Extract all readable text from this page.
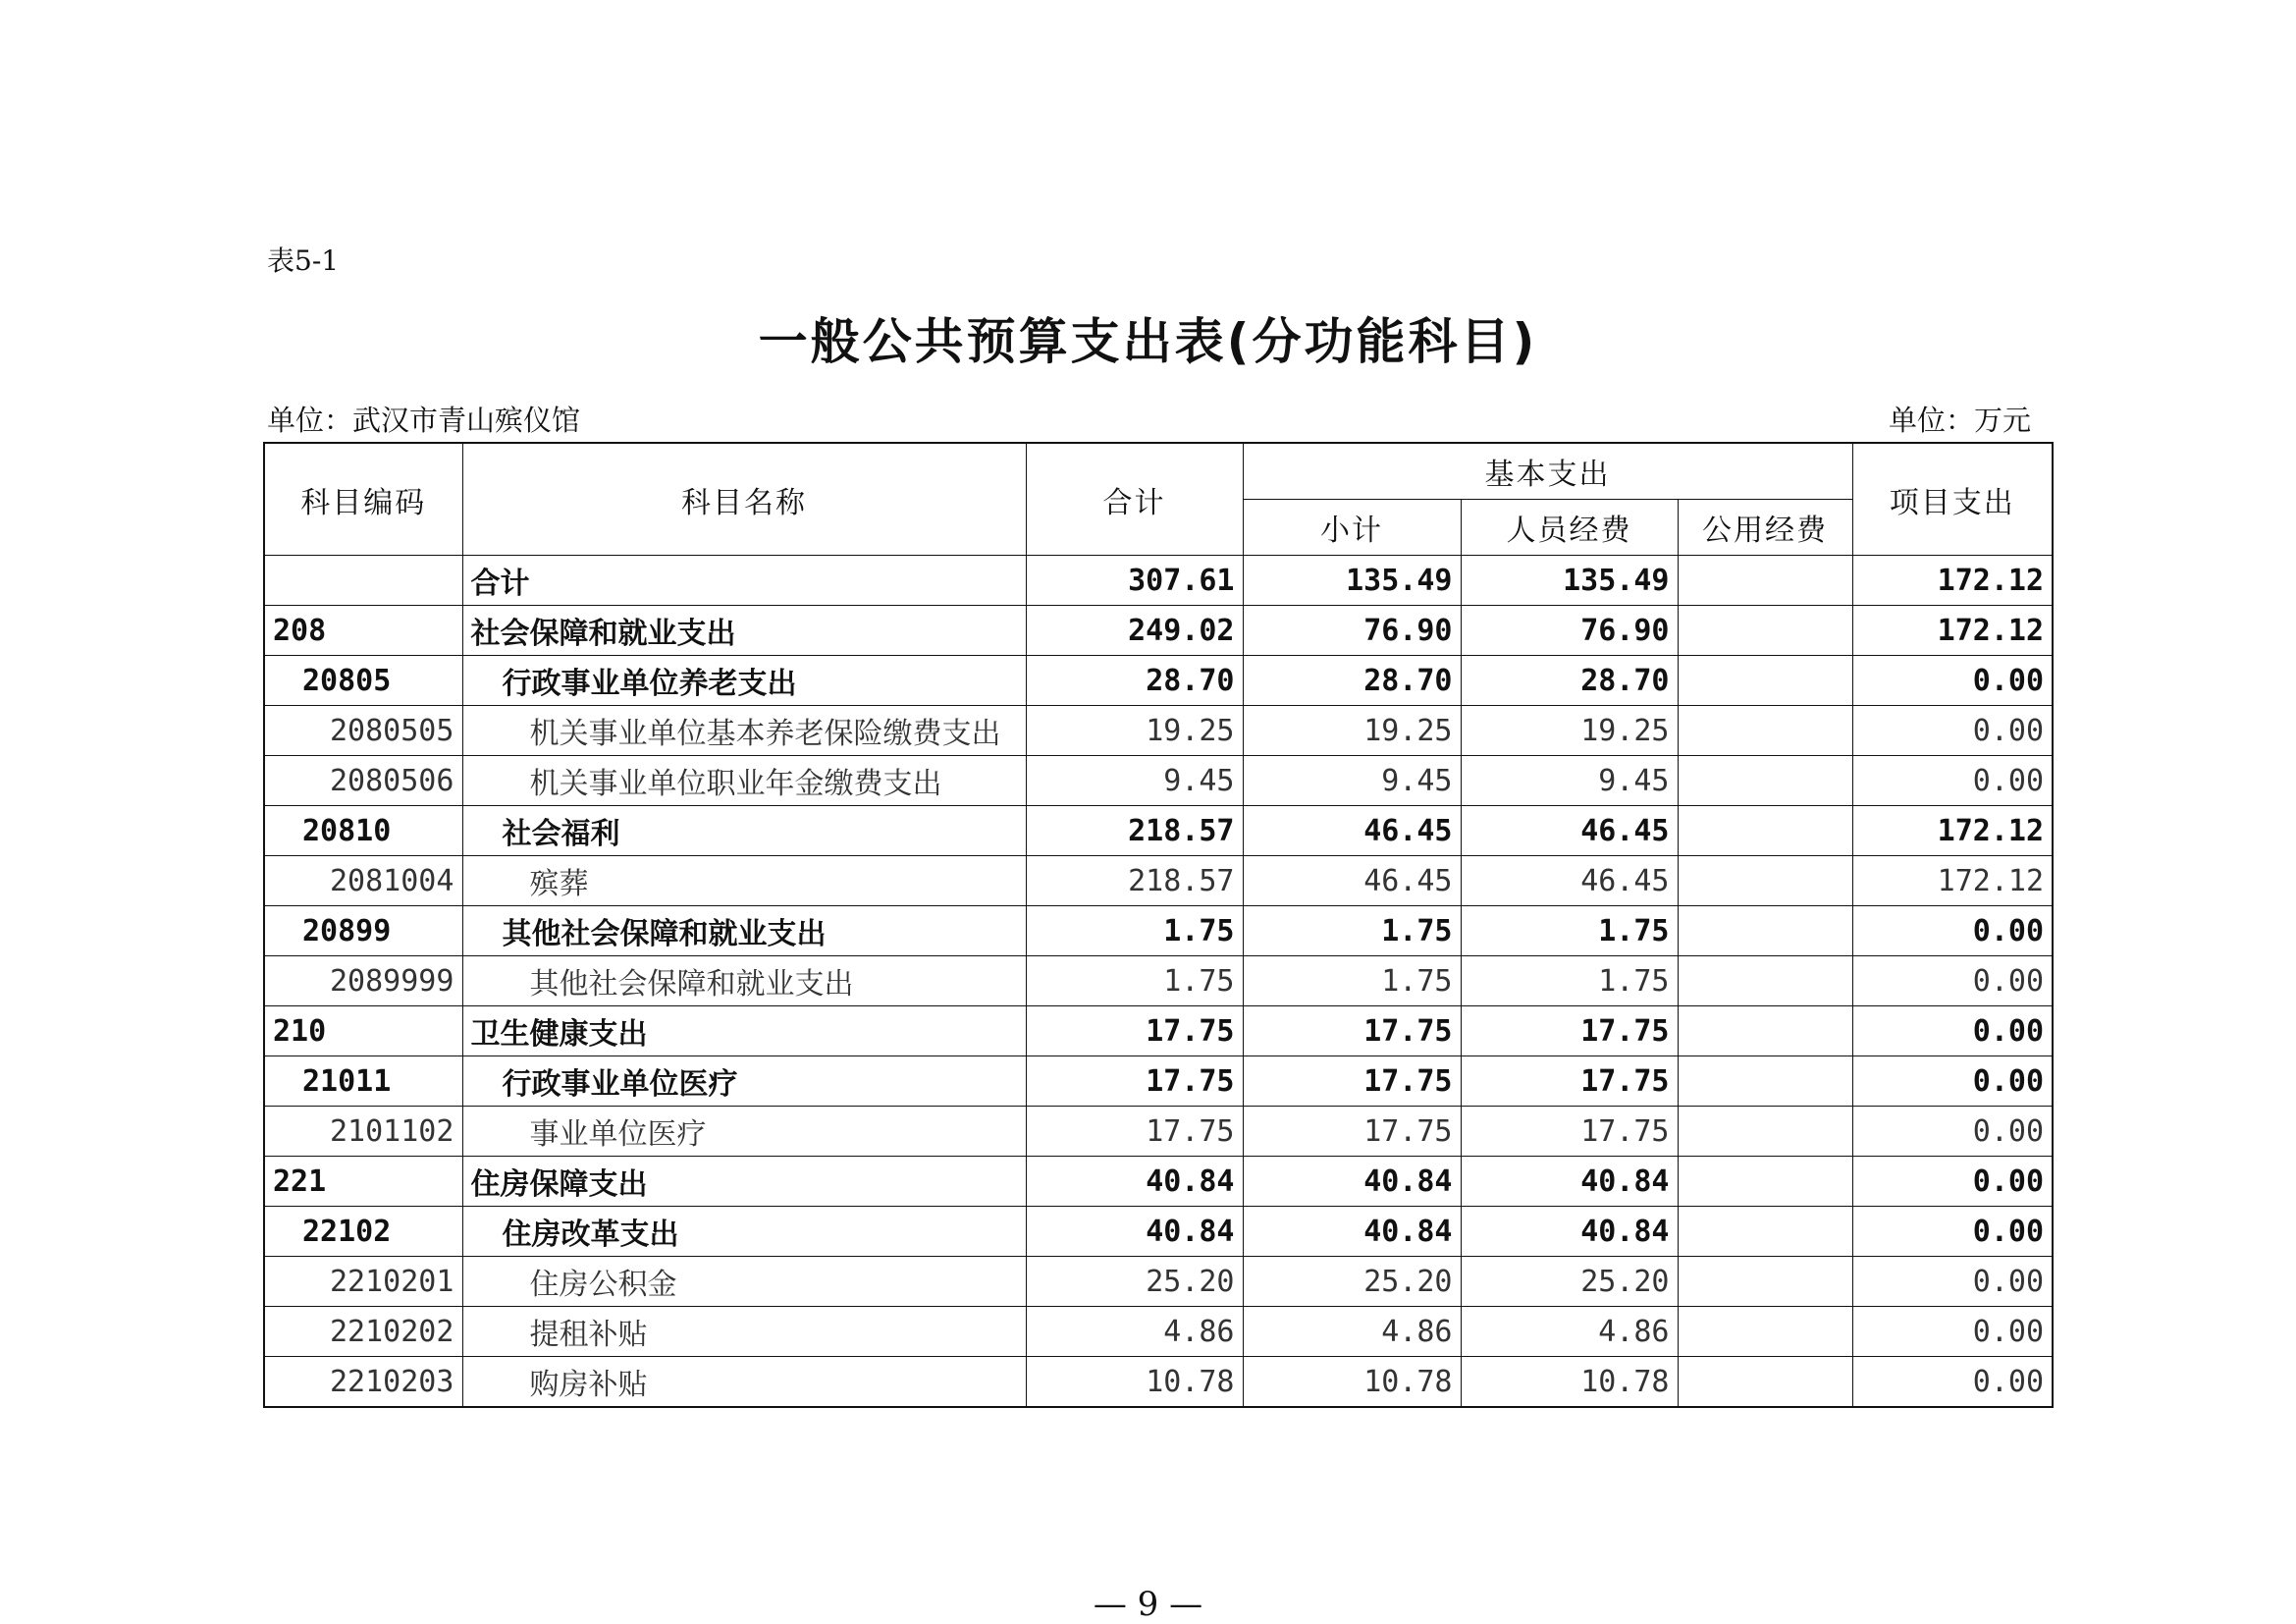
表5-1
一般公共预算支出表(分功能科目)
单位：武汉市青山殡仪馆	单位：万元
科目编码	科目名称	合计	基本支出			项目支出
			小计	人员经费	公用经费	
	合计	307.61	135.49	135.49		172.12
208	社会保障和就业支出	249.02	76.90	76.90		172.12
20805	行政事业单位养老支出	28.70	28.70	28.70		0.00
2080505	机关事业单位基本养老保险缴费支出	19.25	19.25	19.25		0.00
2080506	机关事业单位职业年金缴费支出	9.45	9.45	9.45		0.00
20810	社会福利	218.57	46.45	46.45		172.12
2081004	殡葬	218.57	46.45	46.45		172.12
20899	其他社会保障和就业支出	1.75	1.75	1.75		0.00
2089999	其他社会保障和就业支出	1.75	1.75	1.75		0.00
210	卫生健康支出	17.75	17.75	17.75		0.00
21011	行政事业单位医疗	17.75	17.75	17.75		0.00
2101102	事业单位医疗	17.75	17.75	17.75		0.00
221	住房保障支出	40.84	40.84	40.84		0.00
22102	住房改革支出	40.84	40.84	40.84		0.00
2210201	住房公积金	25.20	25.20	25.20		0.00
2210202	提租补贴	4.86	4.86	4.86		0.00
2210203	购房补贴	10.78	10.78	10.78		0.00
— 9 —
